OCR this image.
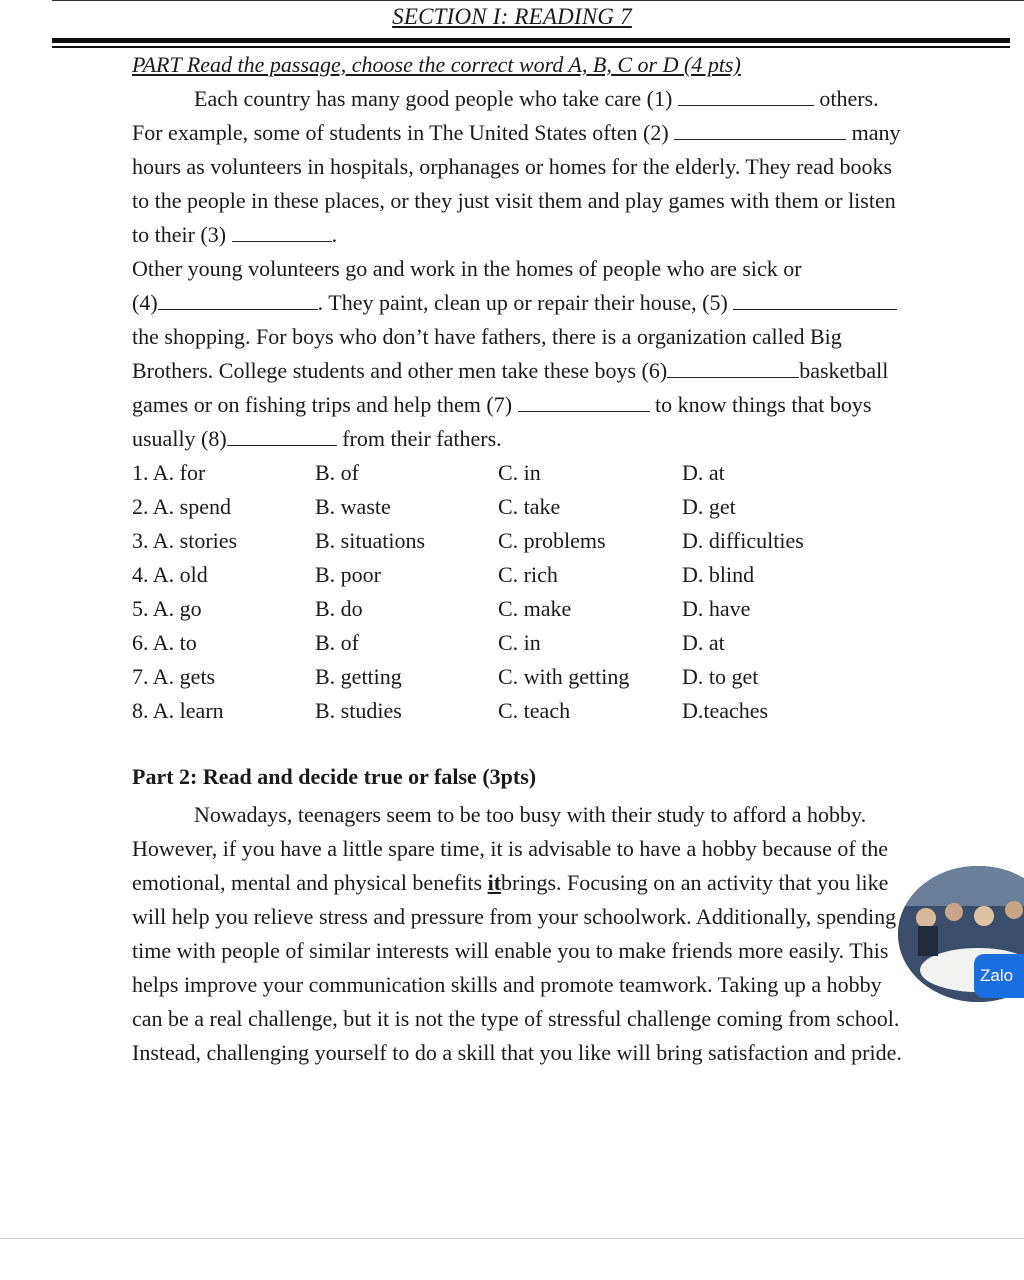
SECTION I: READING 7
PART Read the passage, choose the correct word A, B, C or D (4 pts)
Each country has many good people who take care (1)	others. For example, some of students in The United States often (2)	many hours as volunteers in hospitals, orphanages or homes for the elderly. They read books to the people in these places, or they just visit them and play games with them or listen to their (3)	.
Other young volunteers go and work in the homes of people who are sick or
(4)	. They paint, clean up or repair their house, (5)  the shopping. For boys who don’t have fathers, there is a organization called Big Brothers. College students and other men take these boys (6)	basketball games or on fishing trips and help them (7)	to know things that boys usually (8)	from their fathers.
1. A. for	B. of	C. in	D. at
2. A. spend	B. waste	C. take	D. get
3. A. stories	B. situations	C. problems	D. difficulties
4. A. old	B. poor	C. rich	D. blind
5. A. go	B. do	C. make	D. have
6. A. to	B. of	C. in	D. at
7. A. gets	B. getting	C. with getting D. to get
8. A. learn	B. studies	C. teach	D.teaches
Part 2: Read and decide true or false (3pts)
Nowadays, teenagers seem to be too busy with their study to afford a hobby. However, if you have a little spare time, it is advisable to have a hobby because of the emotional, mental and physical benefits itbrings. Focusing on an activity that you like will help you relieve stress and pressure from your schoolwork. Additionally, spending time with people of similar interests will enable you to make friends more easily. This helps improve your communication skills and promote teamwork. Taking up a hobby can be a real challenge, but it is not the type of stressful challenge coming from school. Instead, challenging yourself to do a skill that you like will bring satisfaction and pride.
Zalo
